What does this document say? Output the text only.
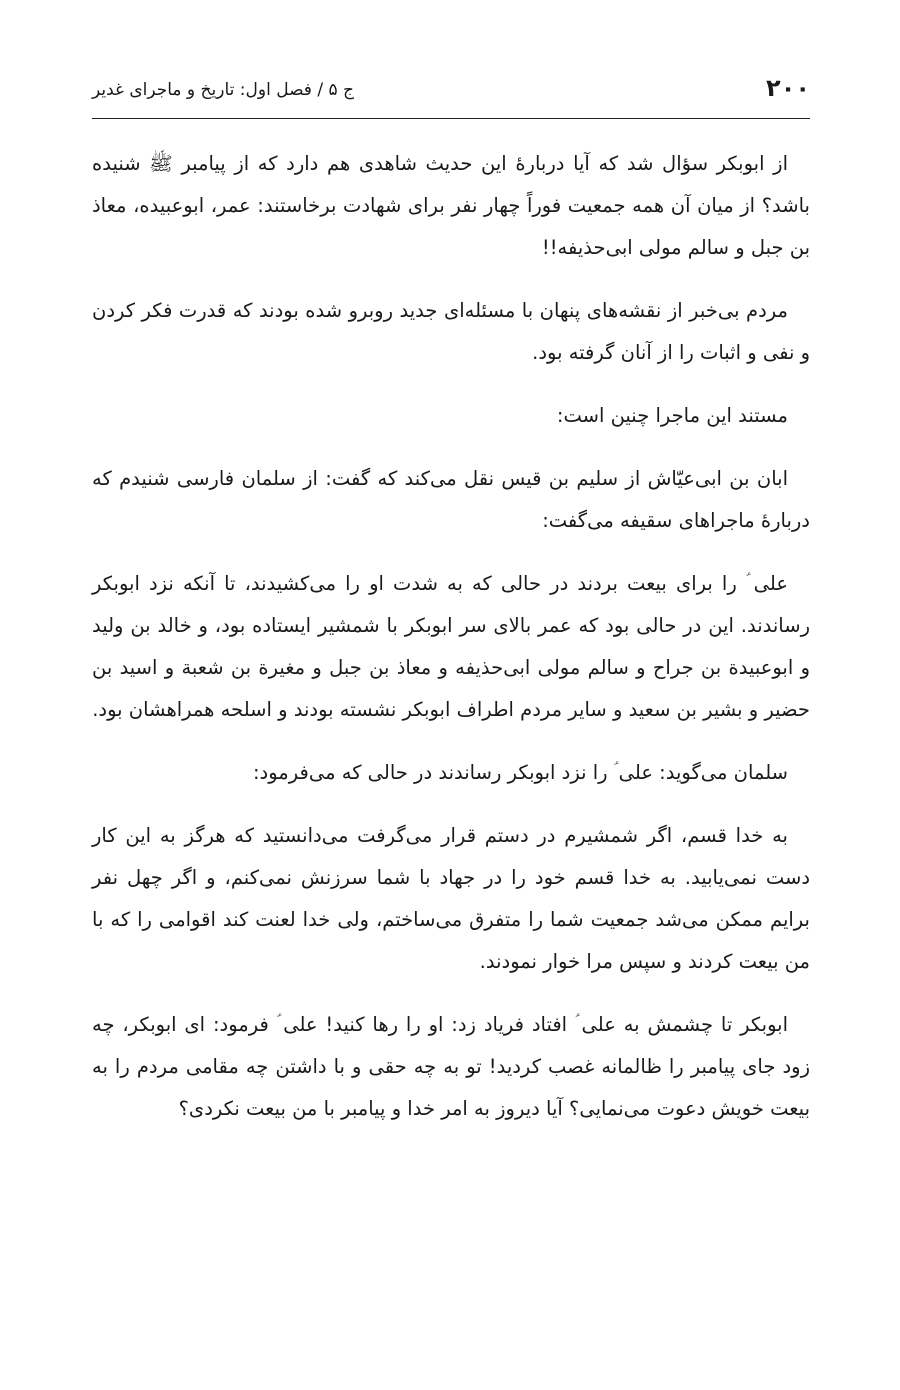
۲۰۰
ج ۵ / فصل اول: تاریخ و ماجرای غدیر

از ابوبکر سؤال شد که آیا دربارۀ این حدیث شاهدی هم دارد که از پیامبر ﷺ شنیده باشد؟ از میان آن همه جمعیت فوراً چهار نفر برای شهادت برخاستند: عمر، ابوعبیده، معاذ بن جبل و سالم مولی ابی‌حذیفه!!

مردم بی‌خبر از نقشه‌های پنهان با مسئله‌ای جدید روبرو شده بودند که قدرت فکر کردن و نفی و اثبات را از آنان گرفته بود.

مستند این ماجرا چنین است:

ابان بن ابی‌عیّاش از سلیم بن قیس نقل می‌کند که گفت: از سلمان فارسی شنیدم که دربارۀ ماجراهای سقیفه می‌گفت:

علی ؑ را برای بیعت بردند در حالی که به شدت او را می‌کشیدند، تا آنکه نزد ابوبکر رساندند. این در حالی بود که عمر بالای سر ابوبکر با شمشیر ایستاده بود، و خالد بن ولید و ابوعبیدة بن جراح و سالم مولی ابی‌حذیفه و معاذ بن جبل و مغیرة بن شعبة و اسید بن حضیر و بشیر بن سعید و سایر مردم اطراف ابوبکر نشسته بودند و اسلحه همراهشان بود.

سلمان می‌گوید: علی ؑ را نزد ابوبکر رساندند در حالی که می‌فرمود:

به خدا قسم، اگر شمشیرم در دستم قرار می‌گرفت می‌دانستید که هرگز به این کار دست نمی‌یابید. به خدا قسم خود را در جهاد با شما سرزنش نمی‌کنم، و اگر چهل نفر برایم ممکن می‌شد جمعیت شما را متفرق می‌ساختم، ولی خدا لعنت کند اقوامی را که با من بیعت کردند و سپس مرا خوار نمودند.

ابوبکر تا چشمش به علی ؑ افتاد فریاد زد: او را رها کنید! علی ؑ فرمود: ای ابوبکر، چه زود جای پیامبر را ظالمانه غصب کردید! تو به چه حقی و با داشتن چه مقامی مردم را به بیعت خویش دعوت می‌نمایی؟ آیا دیروز به امر خدا و پیامبر با من بیعت نکردی؟
